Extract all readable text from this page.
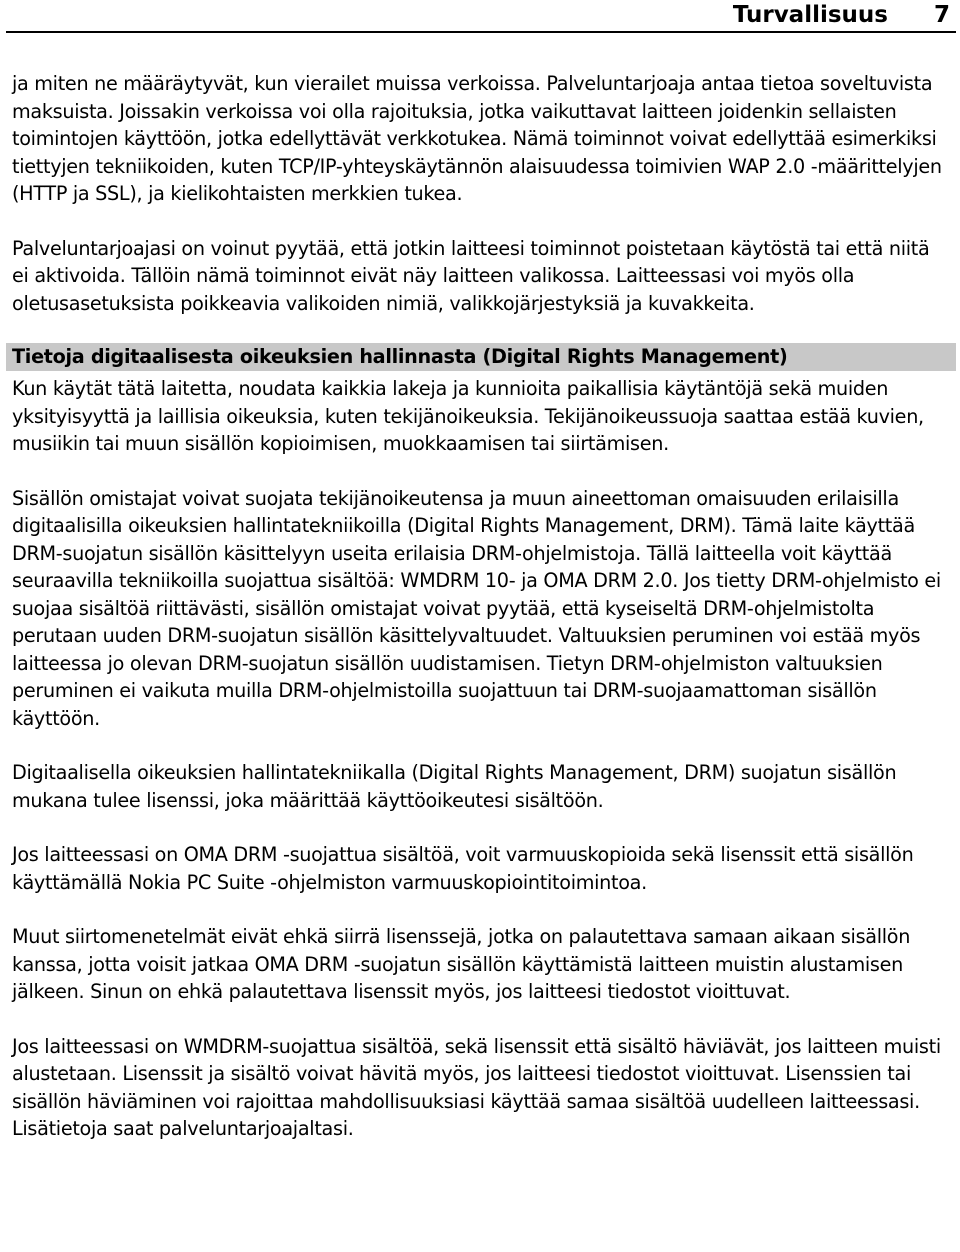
Turvallisuus 7

ja miten ne määräytyvät, kun vierailet muissa verkoissa. Palveluntarjoaja antaa tietoa soveltuvista maksuista. Joissakin verkoissa voi olla rajoituksia, jotka vaikuttavat laitteen joidenkin sellaisten toimintojen käyttöön, jotka edellyttävät verkkotukea. Nämä toiminnot voivat edellyttää esimerkiksi tiettyjen tekniikoiden, kuten TCP/IP-yhteyskäytännön alaisuudessa toimivien WAP 2.0 -määrittelyjen (HTTP ja SSL), ja kielikohtaisten merkkien tukea.

Palveluntarjoajasi on voinut pyytää, että jotkin laitteesi toiminnot poistetaan käytöstä tai että niitä ei aktivoida. Tällöin nämä toiminnot eivät näy laitteen valikossa. Laitteessasi voi myös olla oletusasetuksista poikkeavia valikoiden nimiä, valikkojärjestyksiä ja kuvakkeita.

Tietoja digitaalisesta oikeuksien hallinnasta (Digital Rights Management)

Kun käytät tätä laitetta, noudata kaikkia lakeja ja kunnioita paikallisia käytäntöjä sekä muiden yksityisyyttä ja laillisia oikeuksia, kuten tekijänoikeuksia. Tekijänoikeussuoja saattaa estää kuvien, musiikin tai muun sisällön kopioimisen, muokkaamisen tai siirtämisen.

Sisällön omistajat voivat suojata tekijänoikeutensa ja muun aineettoman omaisuuden erilaisilla digitaalisilla oikeuksien hallintatekniikoilla (Digital Rights Management, DRM). Tämä laite käyttää DRM-suojatun sisällön käsittelyyn useita erilaisia DRM-ohjelmistoja. Tällä laitteella voit käyttää seuraavilla tekniikoilla suojattua sisältöä: WMDRM 10- ja OMA DRM 2.0. Jos tietty DRM-ohjelmisto ei suojaa sisältöä riittävästi, sisällön omistajat voivat pyytää, että kyseiseltä DRM-ohjelmistolta perutaan uuden DRM-suojatun sisällön käsittelyvaltuudet. Valtuuksien peruminen voi estää myös laitteessa jo olevan DRM-suojatun sisällön uudistamisen. Tietyn DRM-ohjelmiston valtuuksien peruminen ei vaikuta muilla DRM-ohjelmistoilla suojattuun tai DRM-suojaamattoman sisällön käyttöön.

Digitaalisella oikeuksien hallintatekniikalla (Digital Rights Management, DRM) suojatun sisällön mukana tulee lisenssi, joka määrittää käyttöoikeutesi sisältöön.

Jos laitteessasi on OMA DRM -suojattua sisältöä, voit varmuuskopioida sekä lisenssit että sisällön käyttämällä Nokia PC Suite -ohjelmiston varmuuskopiointitoimintoa.

Muut siirtomenetelmät eivät ehkä siirrä lisenssejä, jotka on palautettava samaan aikaan sisällön kanssa, jotta voisit jatkaa OMA DRM -suojatun sisällön käyttämistä laitteen muistin alustamisen jälkeen. Sinun on ehkä palautettava lisenssit myös, jos laitteesi tiedostot vioittuvat.

Jos laitteessasi on WMDRM-suojattua sisältöä, sekä lisenssit että sisältö häviävät, jos laitteen muisti alustetaan. Lisenssit ja sisältö voivat hävitä myös, jos laitteesi tiedostot vioittuvat. Lisenssien tai sisällön häviäminen voi rajoittaa mahdollisuuksiasi käyttää samaa sisältöä uudelleen laitteessasi. Lisätietoja saat palveluntarjoajaltasi.
